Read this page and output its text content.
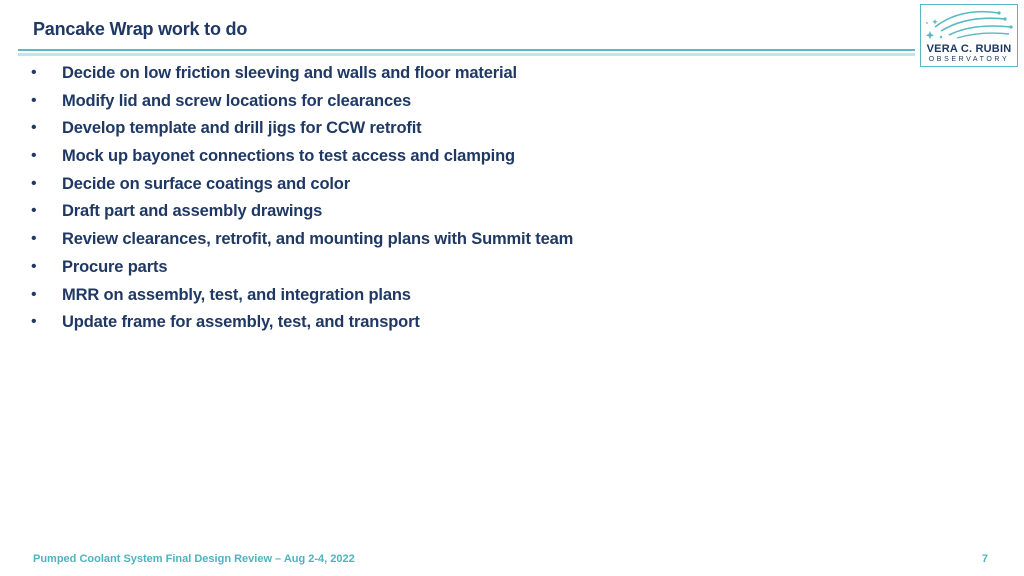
Pancake Wrap work to do
VERA C. RUBIN
OBSERVATORY
• Decide on low friction sleeving and walls and floor material
• Modify lid and screw locations for clearances
• Develop template and drill jigs for CCW retrofit
• Mock up bayonet connections to test access and clamping
• Decide on surface coatings and color
• Draft part and assembly drawings
• Review clearances, retrofit, and mounting plans with Summit team
• Procure parts
• MRR on assembly, test, and integration plans
• Update frame for assembly, test, and transport
Pumped Coolant System Final Design Review – Aug 2-4, 2022	7
